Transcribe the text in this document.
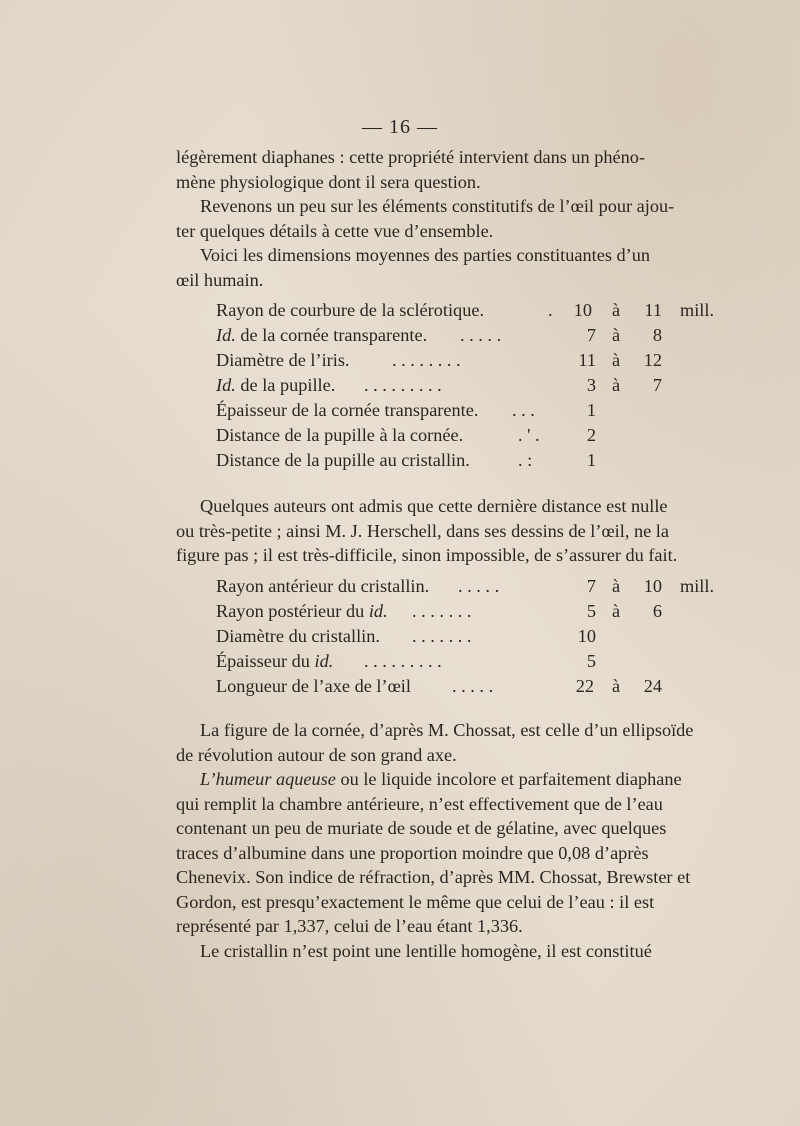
— 16 —

légèrement diaphanes : cette propriété intervient dans un phéno-

mène physiologique dont il sera question.

Revenons un peu sur les éléments constitutifs de l’œil pour ajou-

ter quelques détails à cette vue d’ensemble.

Voici les dimensions moyennes des parties constituantes d’un

œil humain.

Rayon de courbure de la sclérotique.	.	10 à	11 mill.
Id. de la cornée transparente. . . . . .	7 à	8
Diamètre de l’iris. . . . . . . . .	11 à	12
Id. de la pupille. . . . . . . . . .	3 à	7
Épaisseur de la cornée transparente. . . .	1
Distance de la pupille à la cornée.	. ' .	2
Distance de la pupille au cristallin.	. :	1

Quelques auteurs ont admis que cette dernière distance est nulle

ou très-petite ; ainsi M. J. Herschell, dans ses dessins de l’œil, ne la

figure pas ; il est très-difficile, sinon impossible, de s’assurer du fait.

Rayon antérieur du cristallin. . . . . .	7 à	10 mill.
Rayon postérieur du id. . . . . . . .	5 à	6
Diamètre du cristallin. . . . . . . .	10
Épaisseur du id. . . . . . . . . .	5
Longueur de l’axe de l’œil . . . . .	22 à	24

La figure de la cornée, d’après M. Chossat, est celle d’un ellipsoïde

de révolution autour de son grand axe.

L’humeur aqueuse ou le liquide incolore et parfaitement diaphane

qui remplit la chambre antérieure, n’est effectivement que de l’eau

contenant un peu de muriate de soude et de gélatine, avec quelques

traces d’albumine dans une proportion moindre que 0,08 d’après

Chenevix. Son indice de réfraction, d’après MM. Chossat, Brewster et

Gordon, est presqu’exactement le même que celui de l’eau : il est

représenté par 1,337, celui de l’eau étant 1,336.

Le cristallin n’est point une lentille homogène, il est constitué
